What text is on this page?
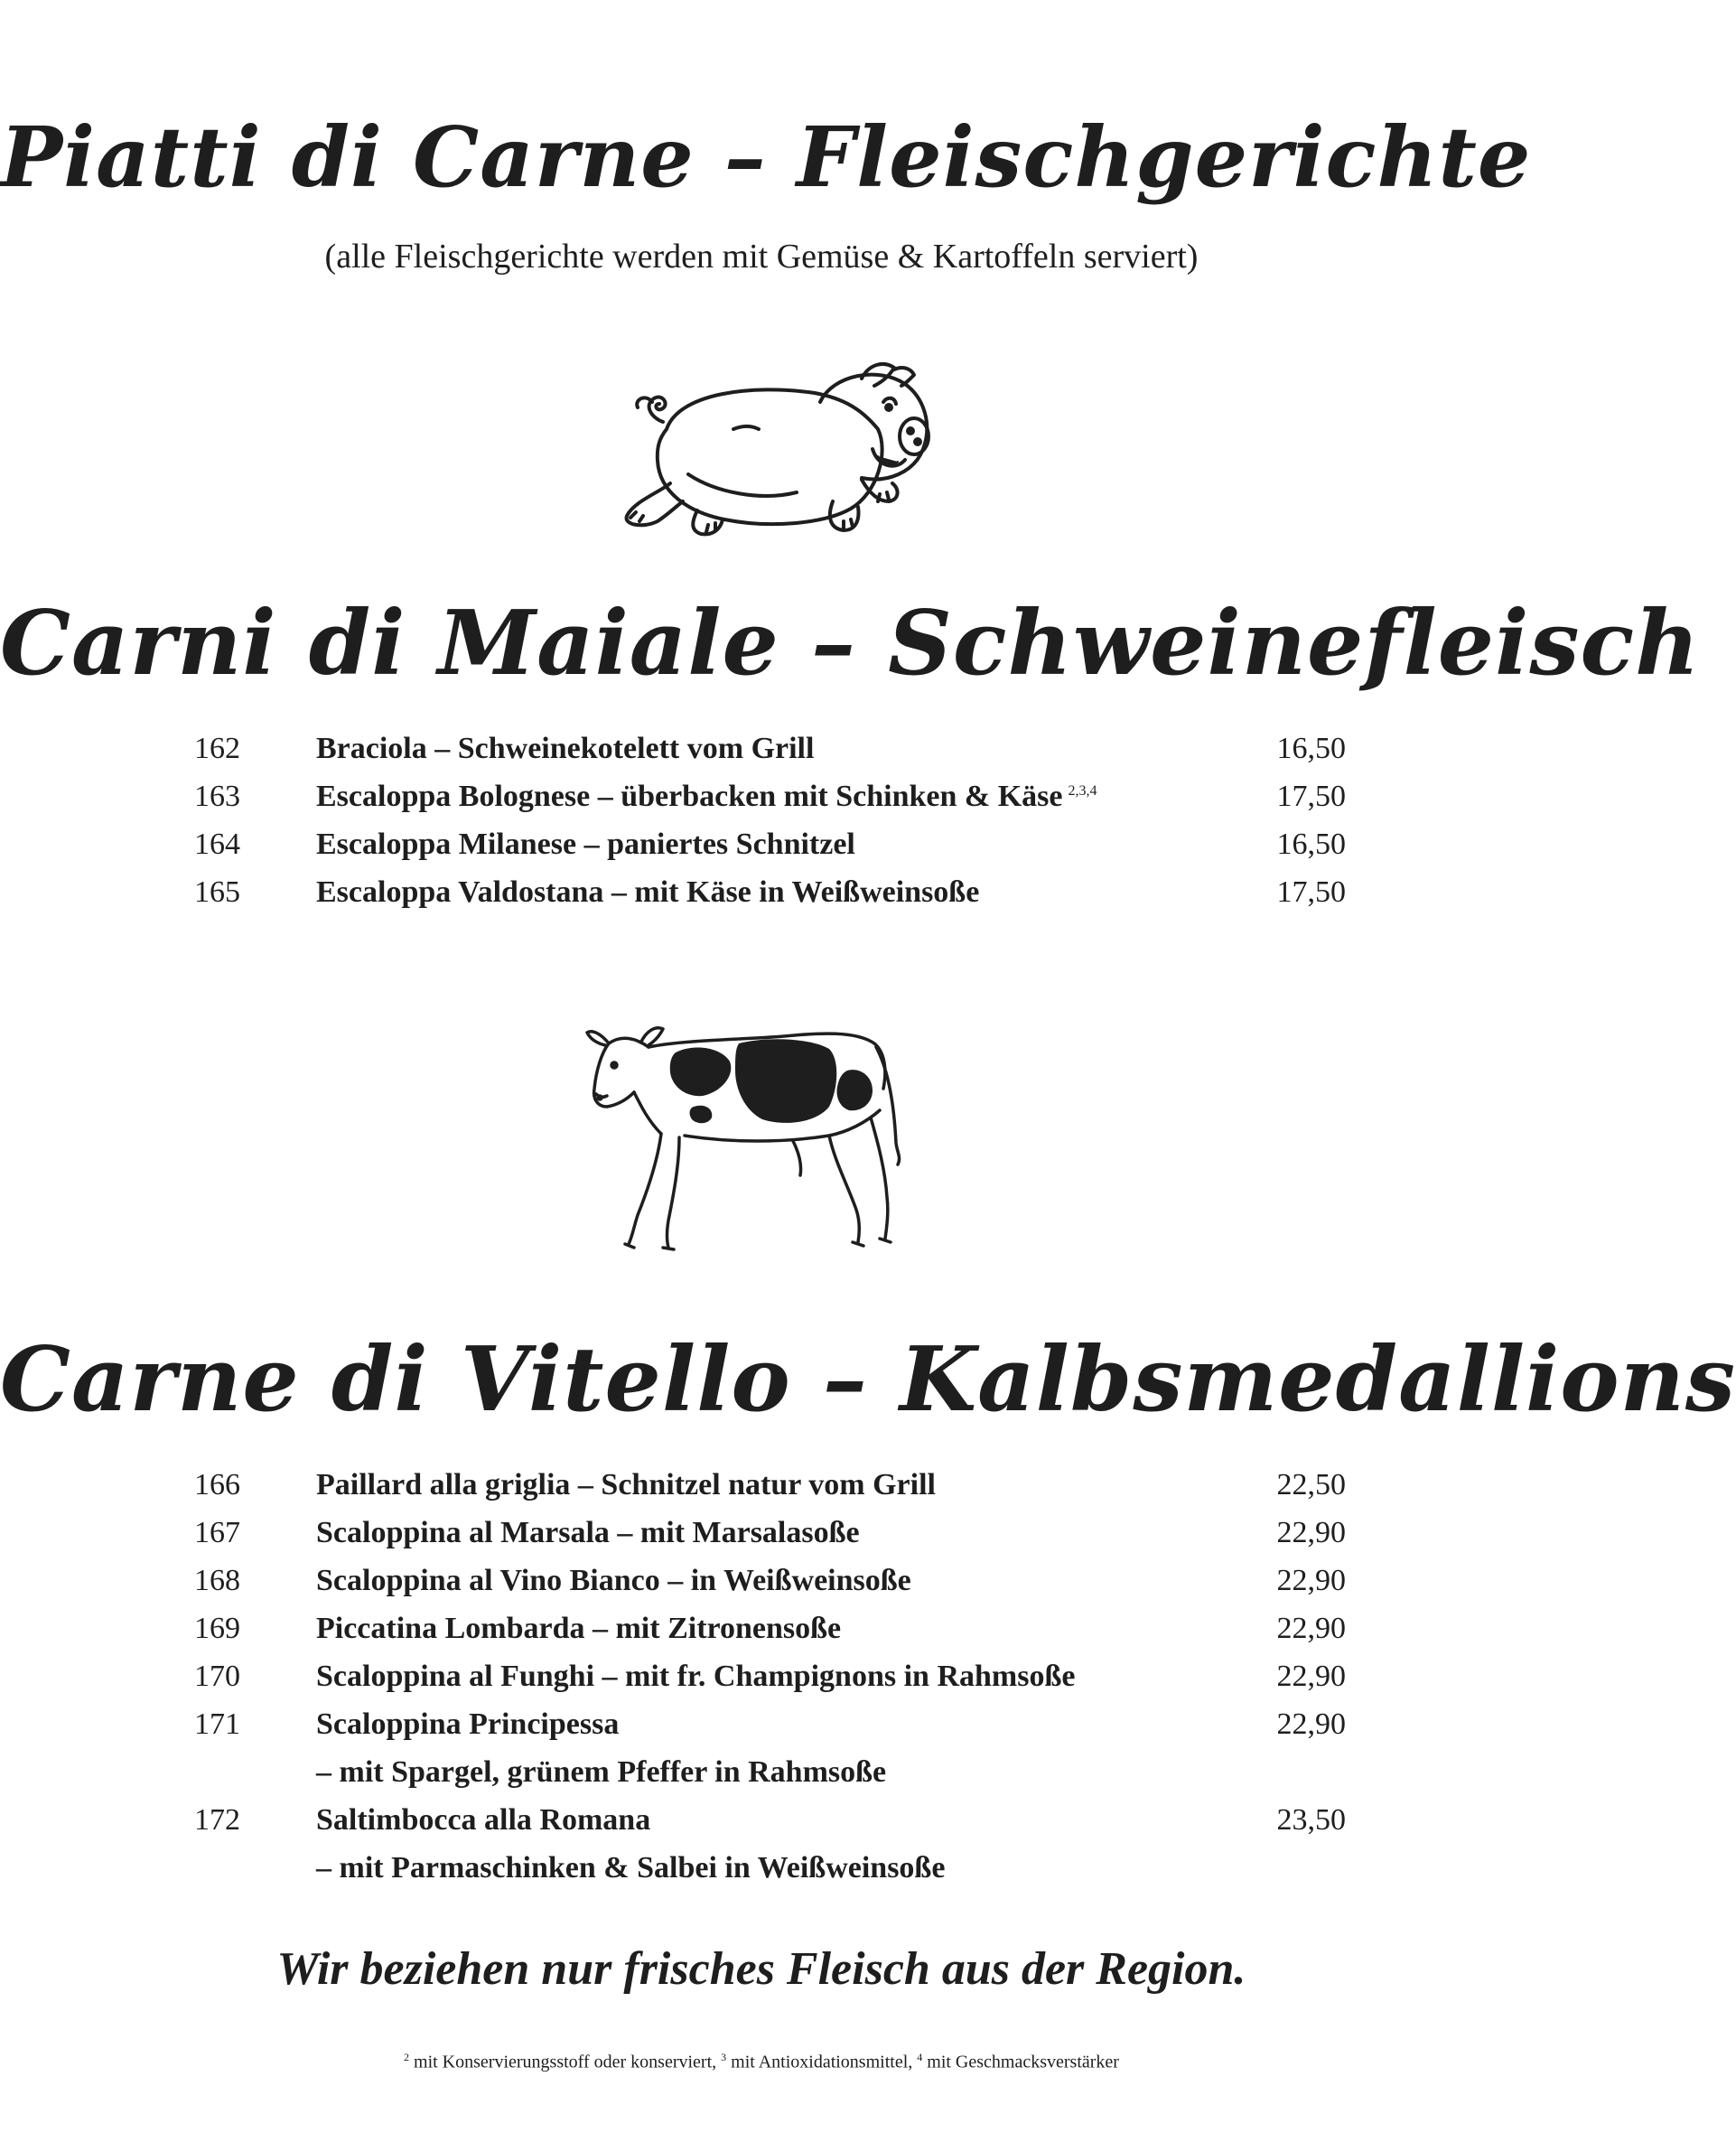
Piatti di Carne – Fleischgerichte

(alle Fleischgerichte werden mit Gemüse & Kartoffeln serviert)

Carni di Maiale – Schweinefleisch
162 Braciola – Schweinekotelett vom Grill	16,50
163 Escaloppa Bolognese – überbacken mit Schinken & Käse $^{2,3,4}$	17,50
164 Escaloppa Milanese – paniertes Schnitzel	16,50
165 Escaloppa Valdostana – mit Käse in Weißweinsoße	17,50
Carne di Vitello – Kalbsmedallions
166 Paillard alla griglia – Schnitzel natur vom Grill	22,50
167 Scaloppina al Marsala – mit Marsalasoße	22,90
168 Scaloppina al Vino Bianco – in Weißweinsoße	22,90
169 Piccatina Lombarda – mit Zitronensoße	22,90
170 Scaloppina al Funghi – mit fr. Champignons in Rahmsoße	22,90
171 Scaloppina Principessa	22,90
– mit Spargel, grünem Pfeffer in Rahmsoße
172 Saltimbocca alla Romana	23,50
– mit Parmaschinken & Salbei in Weißweinsoße

Wir beziehen nur frisches Fleisch aus der Region.

$^2$ mit Konservierungsstoff oder konserviert, $^3$ mit Antioxidationsmittel, $^4$ mit Geschmacksverstärker
